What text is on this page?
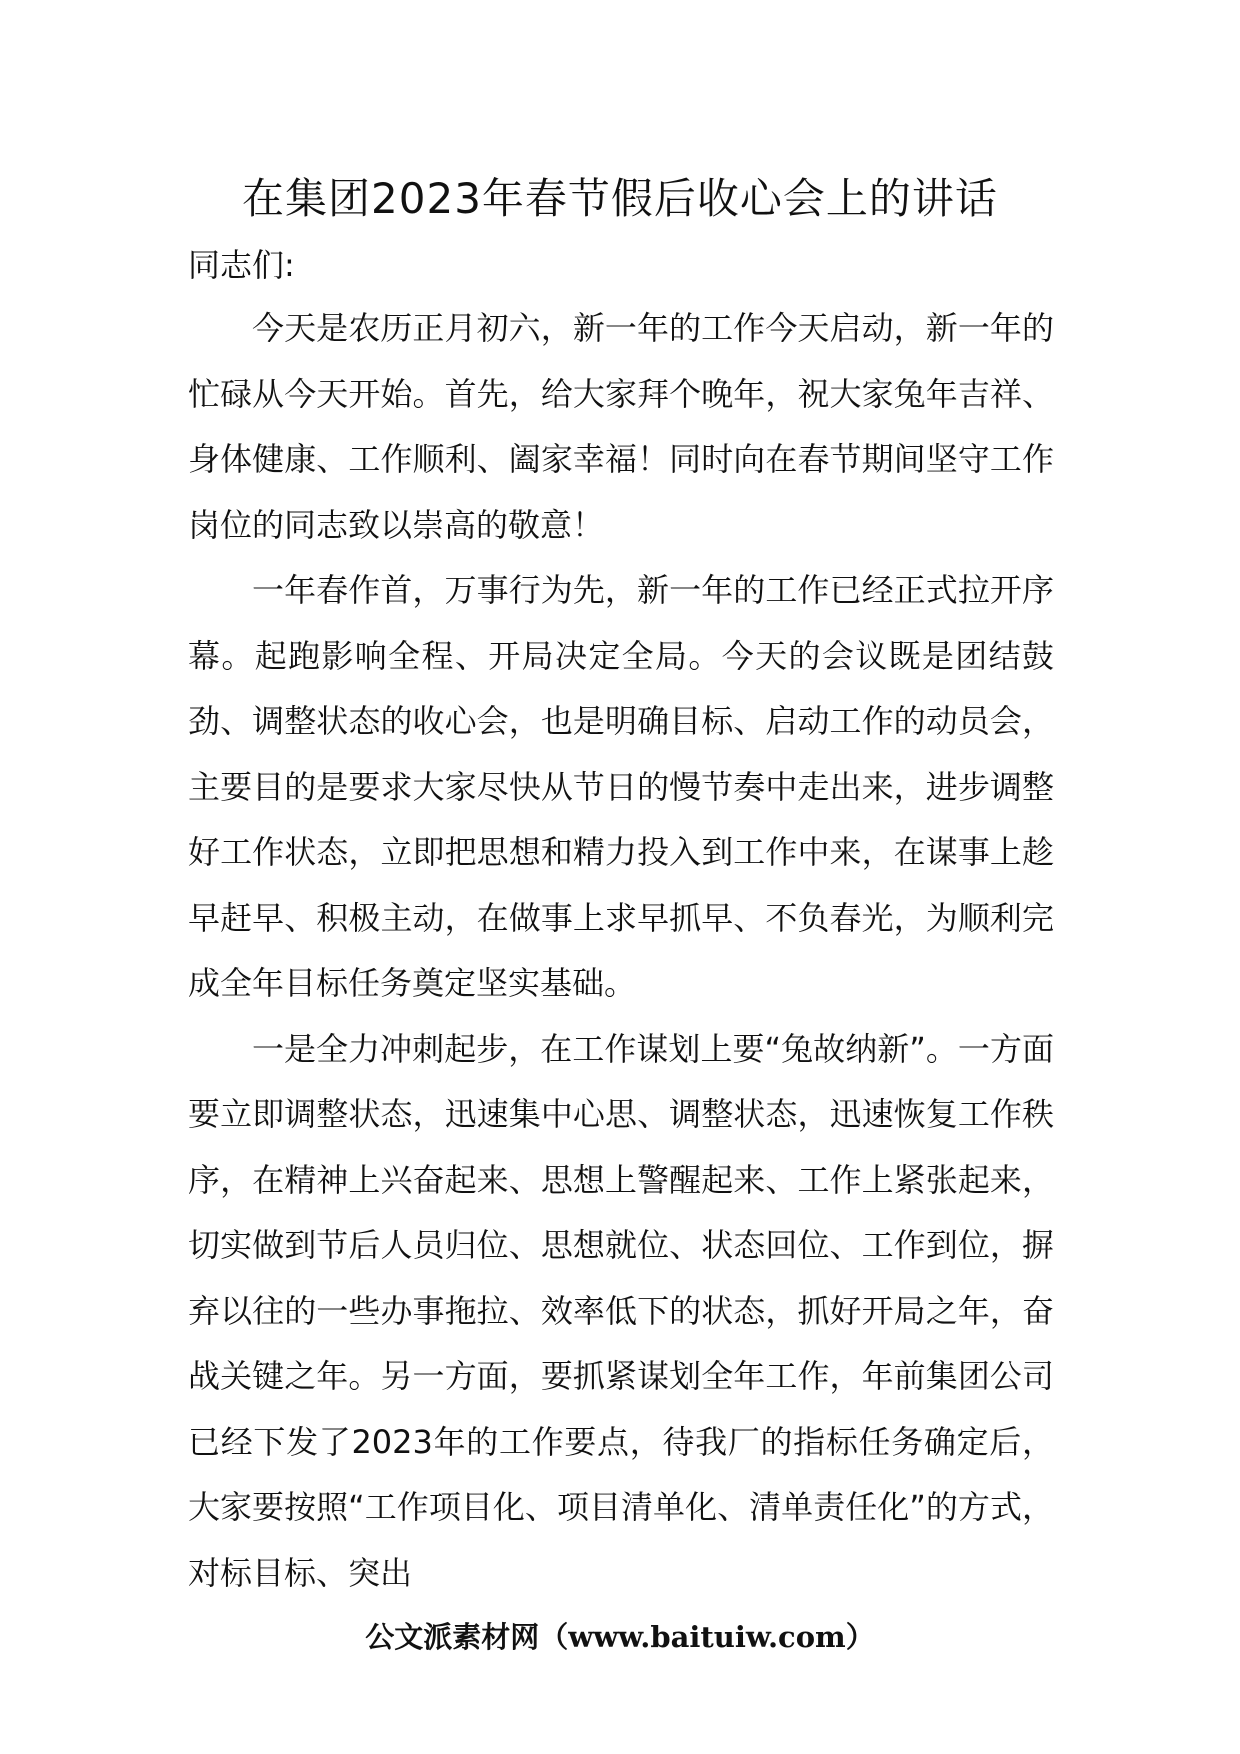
在集团2023年春节假后收心会上的讲话

同志们:

今天是农历正月初六，新一年的工作今天启动，新一年的忙碌从今天开始。首先，给大家拜个晚年，祝大家兔年吉祥、身体健康、工作顺利、阖家幸福！同时向在春节期间坚守工作岗位的同志致以崇高的敬意！

一年春作首，万事行为先，新一年的工作已经正式拉开序幕。起跑影响全程、开局决定全局。今天的会议既是团结鼓劲、调整状态的收心会，也是明确目标、启动工作的动员会，主要目的是要求大家尽快从节日的慢节奏中走出来，进步调整好工作状态，立即把思想和精力投入到工作中来，在谋事上趁早赶早、积极主动，在做事上求早抓早、不负春光，为顺利完成全年目标任务奠定坚实基础。

一是全力冲刺起步，在工作谋划上要“兔故纳新”。一方面要立即调整状态，迅速集中心思、调整状态，迅速恢复工作秩序，在精神上兴奋起来、思想上警醒起来、工作上紧张起来，切实做到节后人员归位、思想就位、状态回位、工作到位，摒弃以往的一些办事拖拉、效率低下的状态，抓好开局之年，奋战关键之年。另一方面，要抓紧谋划全年工作，年前集团公司已经下发了2023年的工作要点，待我厂的指标任务确定后，大家要按照“工作项目化、项目清单化、清单责任化”的方式，对标目标、突出

公文派素材网（www.baituiw.com）
